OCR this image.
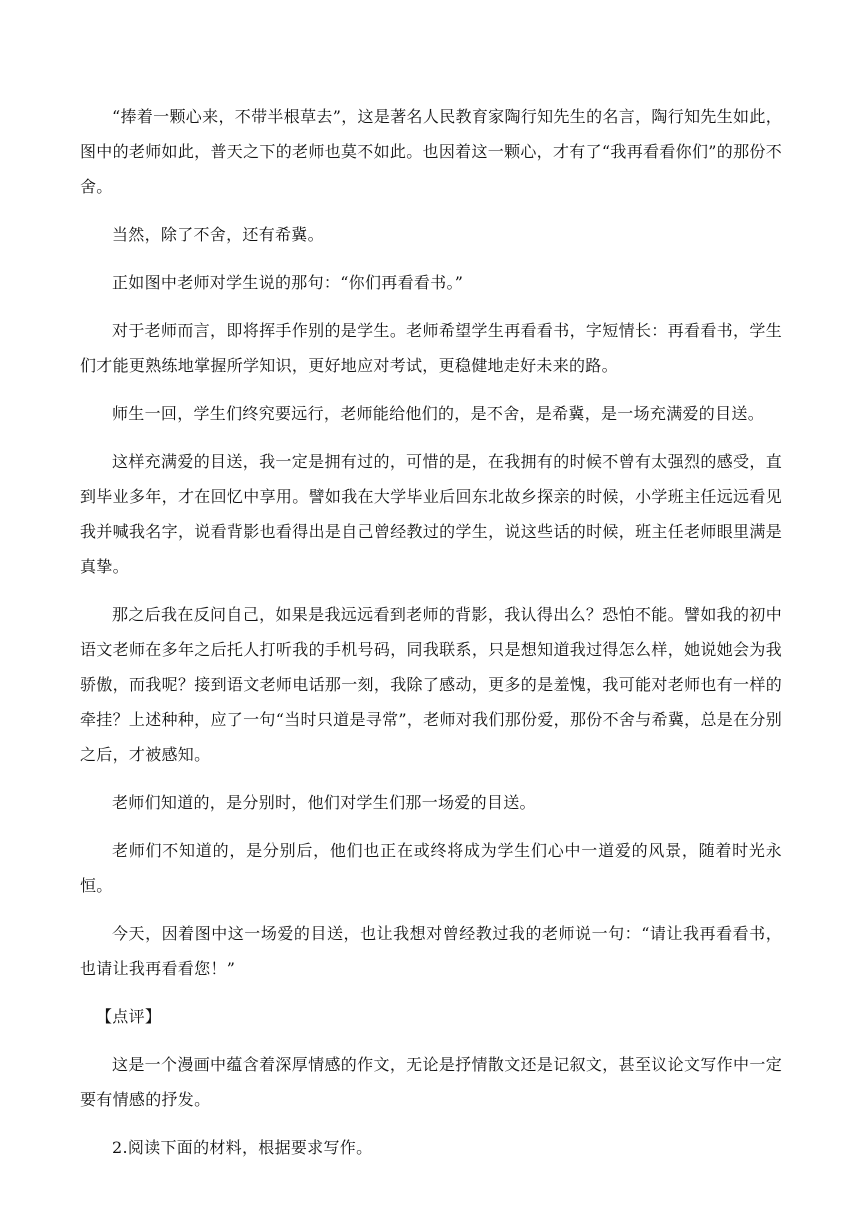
“捧着一颗心来，不带半根草去”，这是著名人民教育家陶行知先生的名言，陶行知先生如此，图中的老师如此，普天之下的老师也莫不如此。也因着这一颗心，才有了“我再看看你们”的那份不舍。

当然，除了不舍，还有希冀。

正如图中老师对学生说的那句：“你们再看看书。”

对于老师而言，即将挥手作别的是学生。老师希望学生再看看书，字短情长：再看看书，学生们才能更熟练地掌握所学知识，更好地应对考试，更稳健地走好未来的路。

师生一回，学生们终究要远行，老师能给他们的，是不舍，是希冀，是一场充满爱的目送。

这样充满爱的目送，我一定是拥有过的，可惜的是，在我拥有的时候不曾有太强烈的感受，直到毕业多年，才在回忆中享用。譬如我在大学毕业后回东北故乡探亲的时候，小学班主任远远看见我并喊我名字，说看背影也看得出是自己曾经教过的学生，说这些话的时候，班主任老师眼里满是真挚。

那之后我在反问自己，如果是我远远看到老师的背影，我认得出么？恐怕不能。譬如我的初中语文老师在多年之后托人打听我的手机号码，同我联系，只是想知道我过得怎么样，她说她会为我骄傲，而我呢？接到语文老师电话那一刻，我除了感动，更多的是羞愧，我可能对老师也有一样的牵挂？上述种种，应了一句“当时只道是寻常”，老师对我们那份爱，那份不舍与希冀，总是在分别之后，才被感知。

老师们知道的，是分别时，他们对学生们那一场爱的目送。

老师们不知道的，是分别后，他们也正在或终将成为学生们心中一道爱的风景，随着时光永恒。

今天，因着图中这一场爱的目送，也让我想对曾经教过我的老师说一句：“请让我再看看书，也请让我再看看您！”

【点评】

这是一个漫画中蕴含着深厚情感的作文，无论是抒情散文还是记叙文，甚至议论文写作中一定要有情感的抒发。

2.阅读下面的材料，根据要求写作。
